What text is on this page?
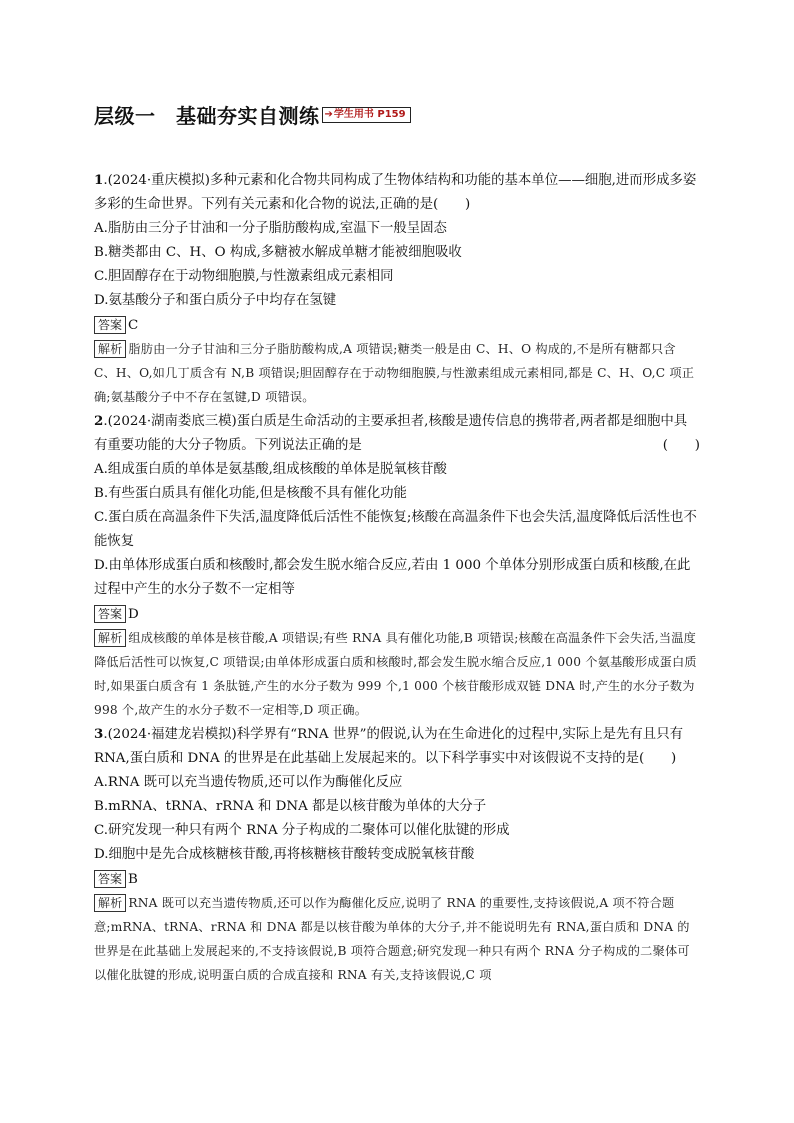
层级一　基础夯实自测练 ➔ 学生用书 P159

1.(2024·重庆模拟)多种元素和化合物共同构成了生物体结构和功能的基本单位——细胞,进而形成多姿多彩的生命世界。下列有关元素和化合物的说法,正确的是(　　)

A.脂肪由三分子甘油和一分子脂肪酸构成,室温下一般呈固态

B.糖类都由 C、H、O 构成,多糖被水解成单糖才能被细胞吸收

C.胆固醇存在于动物细胞膜,与性激素组成元素相同

D.氨基酸分子和蛋白质分子中均存在氢键

答案 C

解析 脂肪由一分子甘油和三分子脂肪酸构成,A 项错误;糖类一般是由 C、H、O 构成的,不是所有糖都只含 C、H、O,如几丁质含有 N,B 项错误;胆固醇存在于动物细胞膜,与性激素组成元素相同,都是 C、H、O,C 项正确;氨基酸分子中不存在氢键,D 项错误。

2.(2024·湖南娄底三模)蛋白质是生命活动的主要承担者,核酸是遗传信息的携带者,两者都是细胞中具有重要功能的大分子物质。下列说法正确的是	(　　)

A.组成蛋白质的单体是氨基酸,组成核酸的单体是脱氧核苷酸

B.有些蛋白质具有催化功能,但是核酸不具有催化功能

C.蛋白质在高温条件下失活,温度降低后活性不能恢复;核酸在高温条件下也会失活,温度降低后活性也不能恢复

D.由单体形成蛋白质和核酸时,都会发生脱水缩合反应,若由 1 000 个单体分别形成蛋白质和核酸,在此过程中产生的水分子数不一定相等

答案 D

解析 组成核酸的单体是核苷酸,A 项错误;有些 RNA 具有催化功能,B 项错误;核酸在高温条件下会失活,当温度降低后活性可以恢复,C 项错误;由单体形成蛋白质和核酸时,都会发生脱水缩合反应,1 000 个氨基酸形成蛋白质时,如果蛋白质含有 1 条肽链,产生的水分子数为 999 个,1 000 个核苷酸形成双链 DNA 时,产生的水分子数为 998 个,故产生的水分子数不一定相等,D 项正确。

3.(2024·福建龙岩模拟)科学界有“RNA 世界”的假说,认为在生命进化的过程中,实际上是先有且只有 RNA,蛋白质和 DNA 的世界是在此基础上发展起来的。以下科学事实中对该假说不支持的是(　　)

A.RNA 既可以充当遗传物质,还可以作为酶催化反应

B.mRNA、tRNA、rRNA 和 DNA 都是以核苷酸为单体的大分子

C.研究发现一种只有两个 RNA 分子构成的二聚体可以催化肽键的形成

D.细胞中是先合成核糖核苷酸,再将核糖核苷酸转变成脱氧核苷酸

答案 B

解析 RNA 既可以充当遗传物质,还可以作为酶催化反应,说明了 RNA 的重要性,支持该假说,A 项不符合题意;mRNA、tRNA、rRNA 和 DNA 都是以核苷酸为单体的大分子,并不能说明先有 RNA,蛋白质和 DNA 的世界是在此基础上发展起来的,不支持该假说,B 项符合题意;研究发现一种只有两个 RNA 分子构成的二聚体可以催化肽键的形成,说明蛋白质的合成直接和 RNA 有关,支持该假说,C 项
